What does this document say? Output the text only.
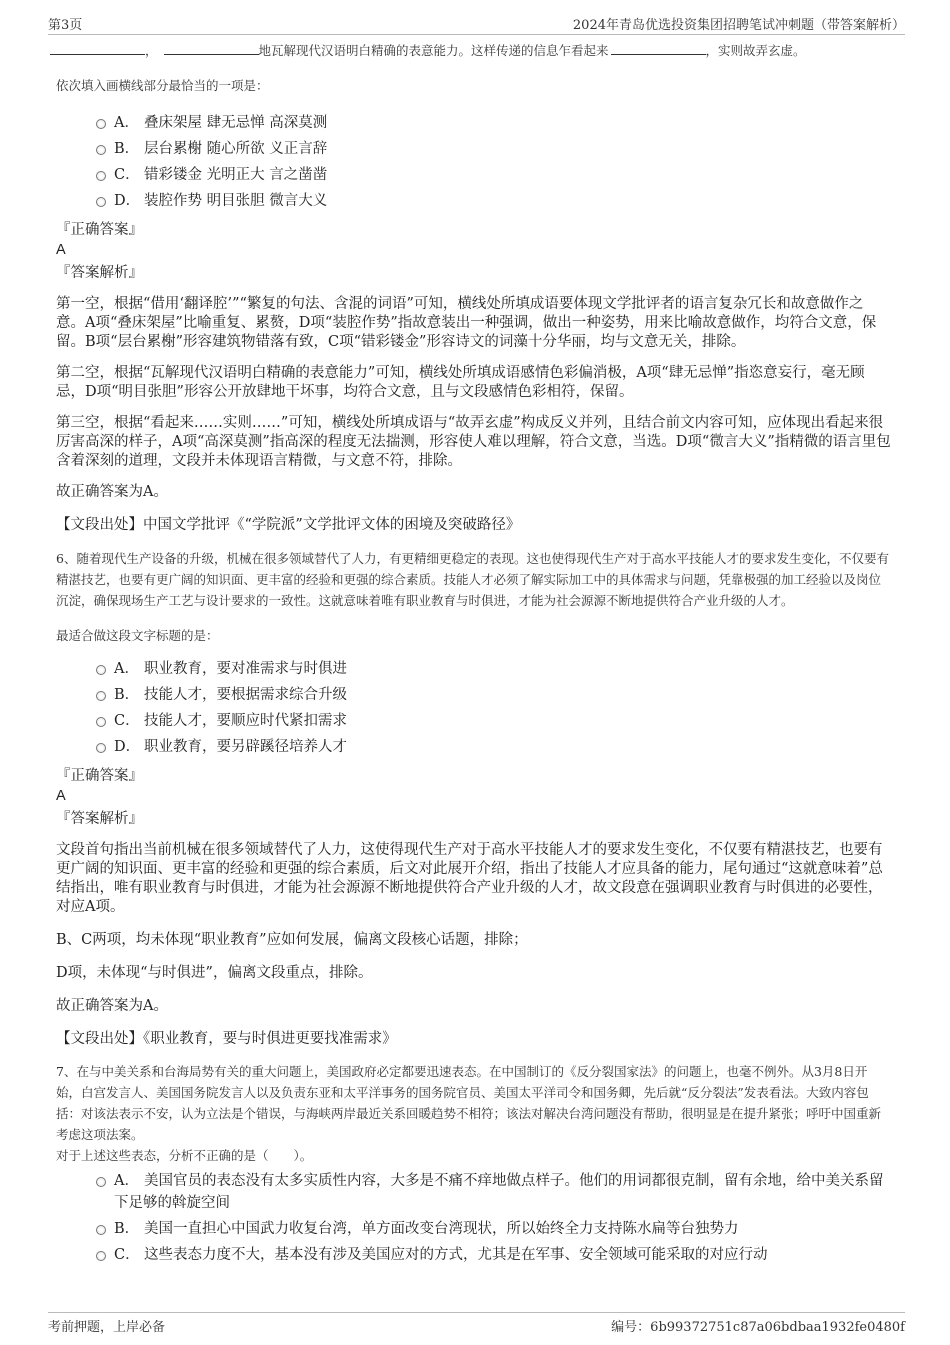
第3页	2024年青岛优选投资集团招聘笔试冲刺题（带答案解析）

，	地瓦解现代汉语明白精确的表意能力。这样传递的信息乍看起来	，实则故弄玄虚。

依次填入画横线部分最恰当的一项是：

A． 叠床架屋 肆无忌惮 高深莫测
B． 层台累榭 随心所欲 义正言辞
C． 错彩镂金 光明正大 言之凿凿
D． 装腔作势 明目张胆 微言大义

『正确答案』

A

『答案解析』

第一空，根据“借用‘翻译腔’”“繁复的句法、含混的词语”可知，横线处所填成语要体现文学批评者的语言复杂冗长和故意做作之意。A项“叠床架屋”比喻重复、累赘，D项“装腔作势”指故意装出一种强调，做出一种姿势，用来比喻故意做作，均符合文意，保留。B项“层台累榭”形容建筑物错落有致，C项“错彩镂金”形容诗文的词藻十分华丽，均与文意无关，排除。

第二空，根据“瓦解现代汉语明白精确的表意能力”可知，横线处所填成语感情色彩偏消极，A项“肆无忌惮”指恣意妄行，毫无顾忌，D项“明目张胆”形容公开放肆地干坏事，均符合文意，且与文段感情色彩相符，保留。

第三空，根据“看起来……实则……”可知，横线处所填成语与“故弄玄虚”构成反义并列，且结合前文内容可知，应体现出看起来很厉害高深的样子，A项“高深莫测”指高深的程度无法揣测，形容使人难以理解，符合文意，当选。D项“微言大义”指精微的语言里包含着深刻的道理，文段并未体现语言精微，与文意不符，排除。

故正确答案为A。

【文段出处】中国文学批评《“学院派”文学批评文体的困境及突破路径》

6、随着现代生产设备的升级，机械在很多领域替代了人力，有更精细更稳定的表现。这也使得现代生产对于高水平技能人才的要求发生变化，不仅要有精湛技艺，也要有更广阔的知识面、更丰富的经验和更强的综合素质。技能人才必须了解实际加工中的具体需求与问题，凭靠极强的加工经验以及岗位沉淀，确保现场生产工艺与设计要求的一致性。这就意味着唯有职业教育与时俱进，才能为社会源源不断地提供符合产业升级的人才。

最适合做这段文字标题的是：

A． 职业教育，要对准需求与时俱进
B． 技能人才，要根据需求综合升级
C． 技能人才，要顺应时代紧扣需求
D． 职业教育，要另辟蹊径培养人才

『正确答案』

A

『答案解析』

文段首句指出当前机械在很多领域替代了人力，这使得现代生产对于高水平技能人才的要求发生变化，不仅要有精湛技艺，也要有更广阔的知识面、更丰富的经验和更强的综合素质，后文对此展开介绍，指出了技能人才应具备的能力，尾句通过“这就意味着”总结指出，唯有职业教育与时俱进，才能为社会源源不断地提供符合产业升级的人才，故文段意在强调职业教育与时俱进的必要性，对应A项。

B、C两项，均未体现“职业教育”应如何发展，偏离文段核心话题，排除；

D项，未体现“与时俱进”，偏离文段重点，排除。

故正确答案为A。

【文段出处】《职业教育，要与时俱进更要找准需求》

7、在与中美关系和台海局势有关的重大问题上，美国政府必定都要迅速表态。在中国制订的《反分裂国家法》的问题上，也毫不例外。从3月8日开始，白宫发言人、美国国务院发言人以及负责东亚和太平洋事务的国务院官员、美国太平洋司令和国务卿，先后就“反分裂法”发表看法。大致内容包括：对该法表示不安，认为立法是个错误，与海峡两岸最近关系回暖趋势不相符；该法对解决台湾问题没有帮助，很明显是在提升紧张；呼吁中国重新考虑这项法案。

对于上述这些表态，分析不正确的是（　　）。

A． 美国官员的表态没有太多实质性内容，大多是不痛不痒地做点样子。他们的用词都很克制，留有余地，给中美关系留下足够的斡旋空间
B． 美国一直担心中国武力收复台湾，单方面改变台湾现状，所以始终全力支持陈水扁等台独势力
C． 这些表态力度不大，基本没有涉及美国应对的方式，尤其是在军事、安全领域可能采取的对应行动
考前押题，上岸必备	编号：6b99372751c87a06bdbaa1932fe0480f
